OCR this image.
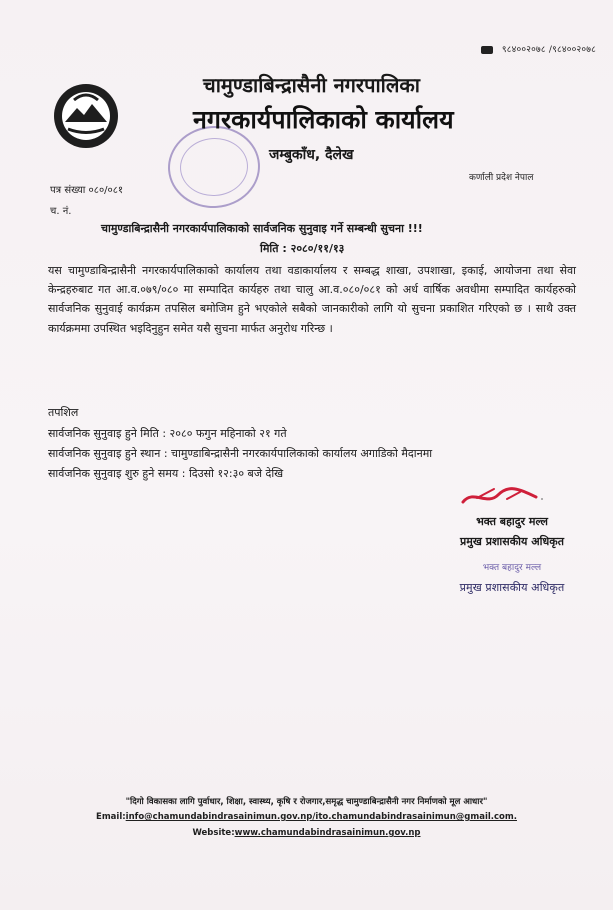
९८४००२०७८ /९८४००२०७८
चामुण्डाबिन्द्रासैनी नगरपालिका
नगरकार्यपालिकाको कार्यालय
जम्बुकाँध, दैलेख
कर्णाली प्रदेश नेपाल
पत्र संख्या ०८०/०८१
च. नं.
चामुण्डाबिन्द्रासैनी नगरकार्यपालिकाको सार्वजनिक सुनुवाइ गर्ने सम्बन्धी सुचना !!!
मिति : २०८०/११/१३
यस चामुण्डाबिन्द्रासैनी नगरकार्यपालिकाको कार्यालय तथा वडाकार्यालय र सम्बद्ध शाखा, उपशाखा, इकाई, आयोजना तथा सेवा केन्द्रहरुबाट गत आ.व.०७९/०८० मा सम्पादित कार्यहरु तथा चालु आ.व.०८०/०८१ को अर्ध वार्षिक अवधीमा सम्पादित कार्यहरुको सार्वजनिक सुनुवाई कार्यक्रम तपसिल बमोजिम हुने भएकोले सबैको जानकारीको लागि यो सुचना प्रकाशित गरिएको छ । साथै उक्त कार्यक्रममा उपस्थित भइदिनुहुन समेत यसै सुचना मार्फत अनुरोध गरिन्छ ।
तपशिल
सार्वजनिक सुनुवाइ हुने मिति : २०८० फगुन महिनाको २१ गते
सार्वजनिक सुनुवाइ हुने स्थान : चामुण्डाबिन्द्रासैनी नगरकार्यपालिकाको कार्यालय अगाडिको मैदानमा
सार्वजनिक सुनुवाइ शुरु हुने समय : दिउसो १२:३० बजे देखि
भक्त बहादुर मल्ल
प्रमुख प्रशासकीय अधिकृत
भक्त बहादुर मल्ल
प्रमुख प्रशासकीय अधिकृत
"दिगो विकासका लागि पुर्वाधार, शिक्षा, स्वास्थ्य, कृषि र रोजगार,समृद्ध चामुण्डाबिन्द्रासैनी नगर निर्माणको मूल आधार"
Email:info@chamundabindrasainimun.gov.np/ito.chamundabindrasainimun@gmail.com.
Website:www.chamundabindrasainimun.gov.np
